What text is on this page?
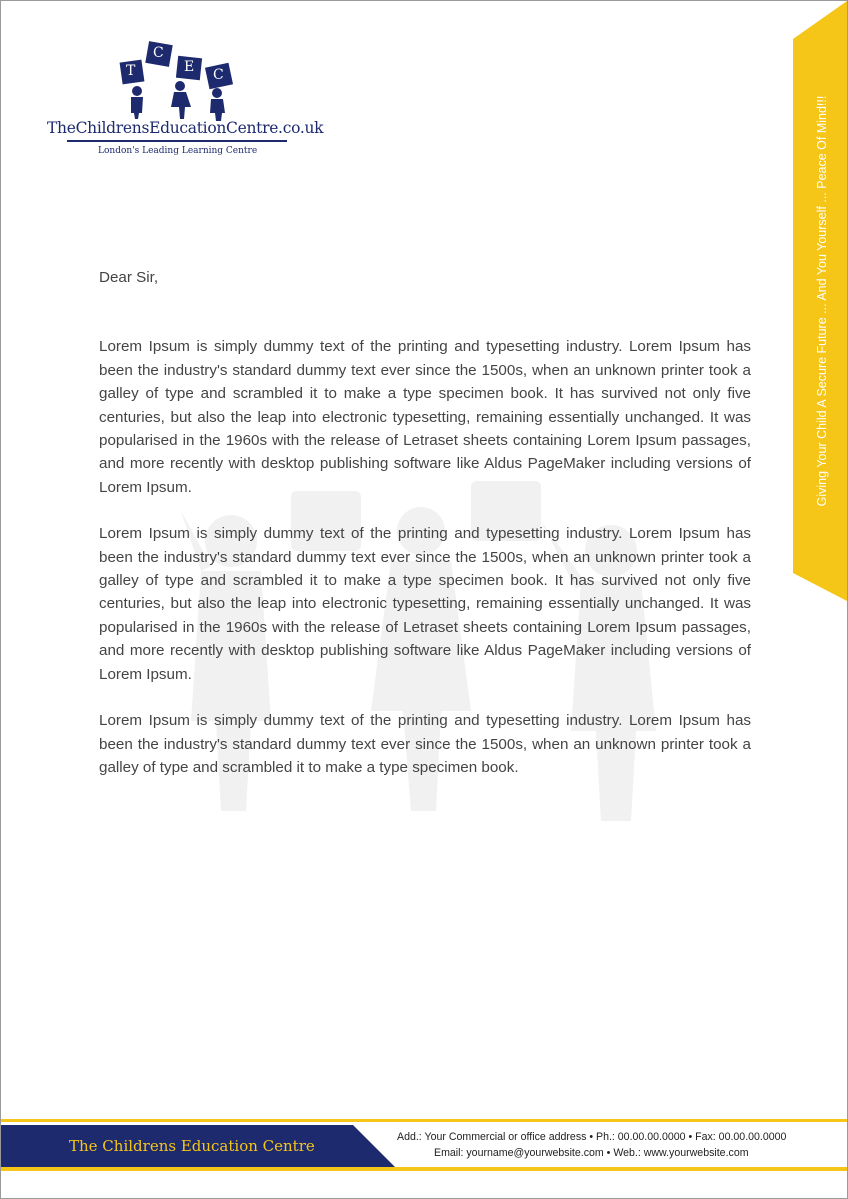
T
C
E C
TheChildrensEducationCentre.co.uk
London's Leading Learning Centre	Giving Your Child A Secure Future ... And You Yourself ... Peace Of Mind!!!

Dear Sir,

Lorem Ipsum is simply dummy text of the printing and typesetting industry. Lorem Ipsum has been the industry's standard dummy text ever since the 1500s, when an unknown printer took a galley of type and scrambled it to make a type specimen book. It has survived not only five centuries, but also the leap into electronic typesetting, remaining essentially unchanged. It was popularised in the 1960s with the release of Letraset sheets containing Lorem Ipsum passages, and more recently with desktop publishing software like Aldus PageMaker including versions of Lorem Ipsum.

Lorem Ipsum is simply dummy text of the printing and typesetting industry. Lorem Ipsum has been the industry's standard dummy text ever since the 1500s, when an unknown printer took a galley of type and scrambled it to make a type specimen book. It has survived not only five centuries, but also the leap into electronic typesetting, remaining essentially unchanged. It was popularised in the 1960s with the release of Letraset sheets containing Lorem Ipsum passages, and more recently with desktop publishing software like Aldus PageMaker including versions of Lorem Ipsum.

Lorem Ipsum is simply dummy text of the printing and typesetting industry. Lorem Ipsum has been the industry's standard dummy text ever since the 1500s, when an unknown printer took a galley of type and scrambled it to make a type specimen book.

The Childrens Education Centre	Add.: Your Commercial or office address • Ph.: 00.00.00.0000 • Fax: 00.00.00.0000
Email: yourname@yourwebsite.com • Web.: www.yourwebsite.com
